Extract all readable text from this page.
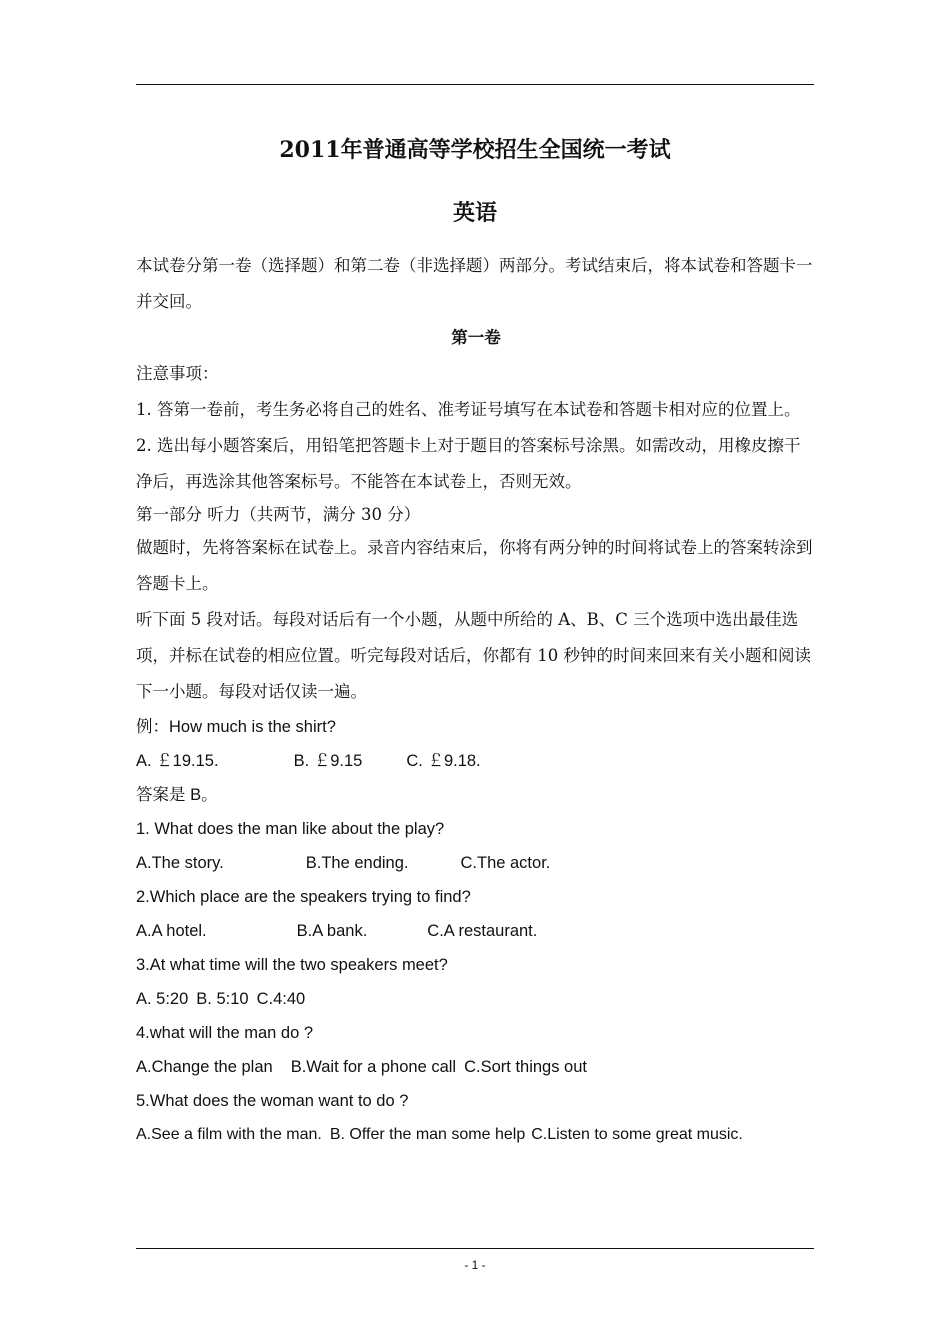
2011年普通高等学校招生全国统一考试
英语

本试卷分第一卷（选择题）和第二卷（非选择题）两部分。考试结束后，将本试卷和答题卡一并交回。

第一卷

注意事项：

1. 答第一卷前，考生务必将自己的姓名、准考证号填写在本试卷和答题卡相对应的位置上。

2. 选出每小题答案后，用铅笔把答题卡上对于题目的答案标号涂黑。如需改动，用橡皮擦干净后，再选涂其他答案标号。不能答在本试卷上，否则无效。

第一部分 听力（共两节，满分 30 分）

做题时，先将答案标在试卷上。录音内容结束后，你将有两分钟的时间将试卷上的答案转涂到答题卡上。

听下面 5 段对话。每段对话后有一个小题，从题中所给的 A、B、C 三个选项中选出最佳选项，并标在试卷的相应位置。听完每段对话后，你都有 10 秒钟的时间来回来有关小题和阅读下一小题。每段对话仅读一遍。

例：How much is the shirt?

A. ￡19.15.	B. ￡9.15	C. ￡9.18.

答案是 B。

1. What does the man like about the play?

A.The story.	B.The ending.	C.The actor.

2.Which place are the speakers trying to find?

A.A hotel.	B.A bank.	C.A restaurant.

3.At what time will the two speakers meet?

A. 5:20 B. 5:10 C.4:40

4.what will the man do ?

A.Change the plan B.Wait for a phone call C.Sort things out

5.What does the woman want to do ?

A.See a film with the man. B. Offer the man some help C.Listen to some great music.

- 1 -
